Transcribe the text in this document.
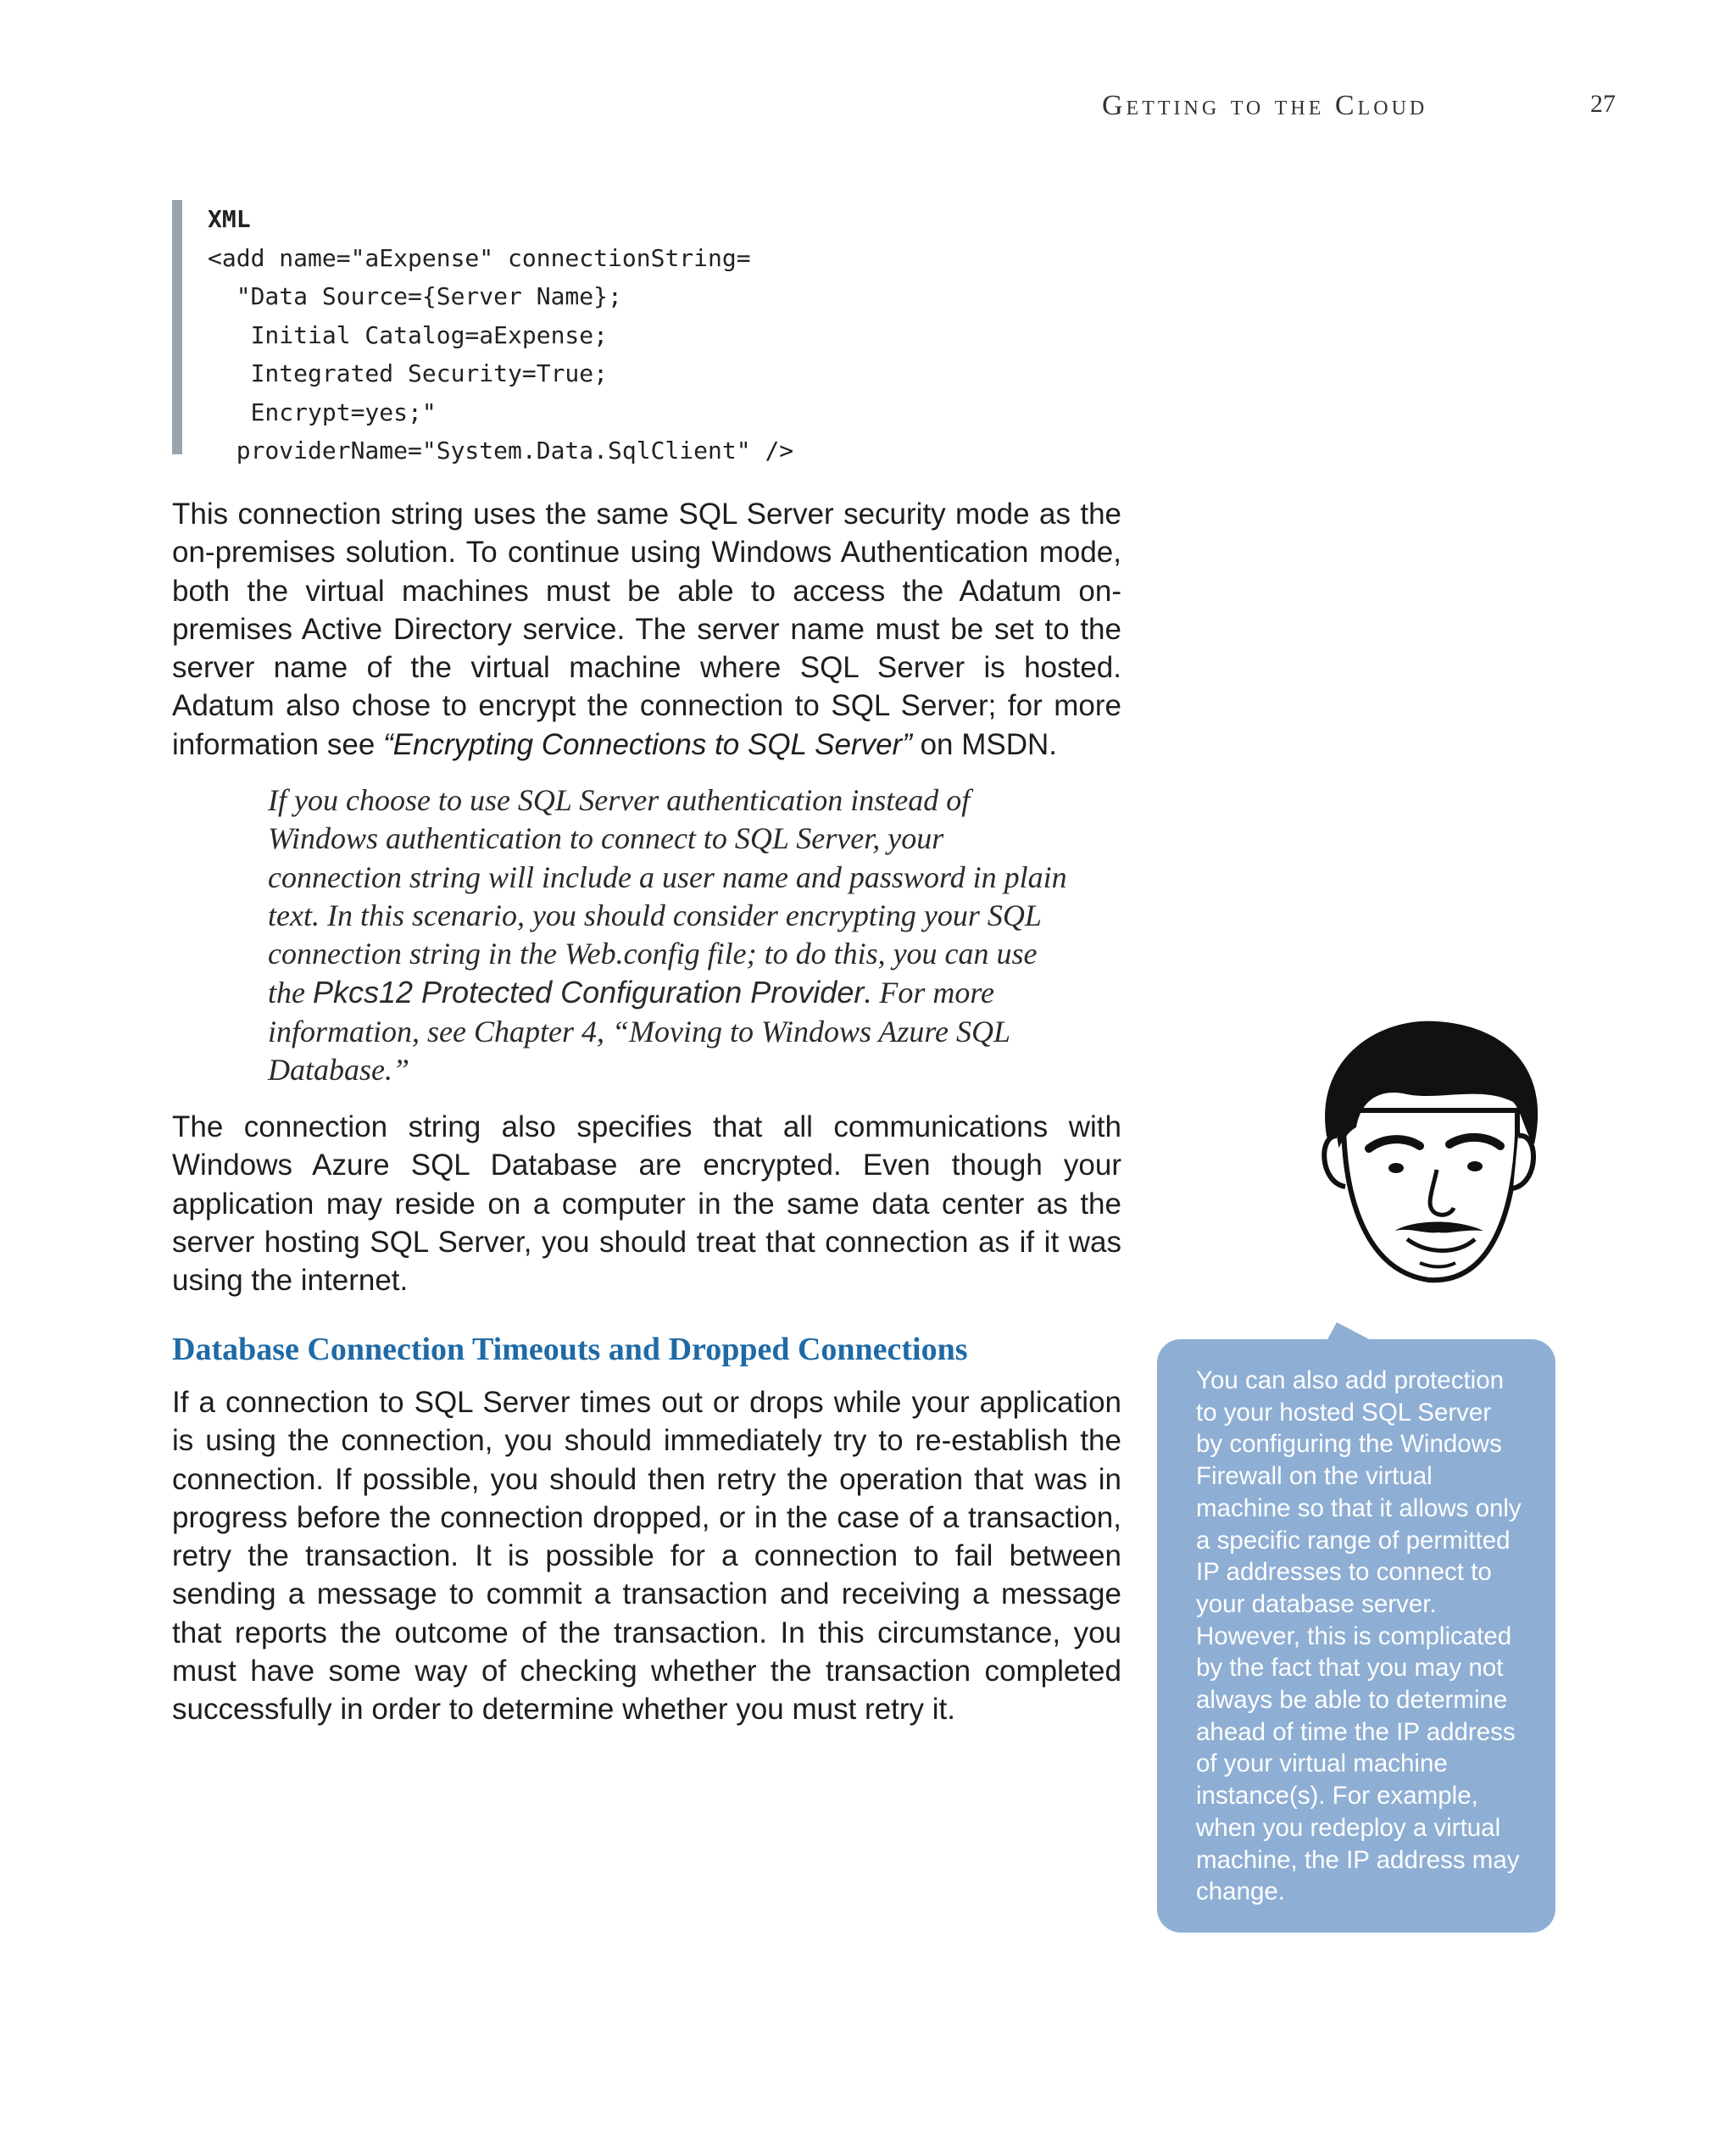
Getting to the Cloud	27
XML
<add name="aExpense" connectionString=
"Data Source={Server Name};
Initial Catalog=aExpense;
Integrated Security=True;
Encrypt=yes;"
providerName="System.Data.SqlClient" />

This connection string uses the same SQL Server security mode as the on-premises solution. To continue using Windows Authentication mode, both the virtual machines must be able to access the Adatum on-premises Active Directory service. The server name must be set to the server name of the virtual machine where SQL Server is hosted. Adatum also chose to encrypt the connection to SQL Server; for more information see “Encrypting Connections to SQL Server” on MSDN.

If you choose to use SQL Server authentication instead of Windows authentication to connect to SQL Server, your connection string will include a user name and password in plain text. In this scenario, you should consider encrypting your SQL connection string in the Web.config file; to do this, you can use the Pkcs12 Protected Configuration Provider. For more information, see Chapter 4, “Moving to Windows Azure SQL Database.”

The connection string also specifies that all communications with Windows Azure SQL Database are encrypted. Even though your application may reside on a computer in the same data center as the server hosting SQL Server, you should treat that connection as if it was using the internet.

Database Connection Timeouts and Dropped Connections

If a connection to SQL Server times out or drops while your application is using the connection, you should immediately try to re-establish the connection. If possible, you should then retry the operation that was in progress before the connection dropped, or in the case of a transaction, retry the transaction. It is possible for a connection to fail between sending a message to commit a transaction and receiving a message that reports the outcome of the transaction. In this circumstance, you must have some way of checking whether the transaction completed successfully in order to determine whether you must retry it.

You can also add protection to your hosted SQL Server by configuring the Windows Firewall on the virtual machine so that it allows only a specific range of permitted IP addresses to connect to your database server. However, this is complicated by the fact that you may not always be able to determine ahead of time the IP address of your virtual machine instance(s). For example, when you redeploy a virtual machine, the IP address may change.
